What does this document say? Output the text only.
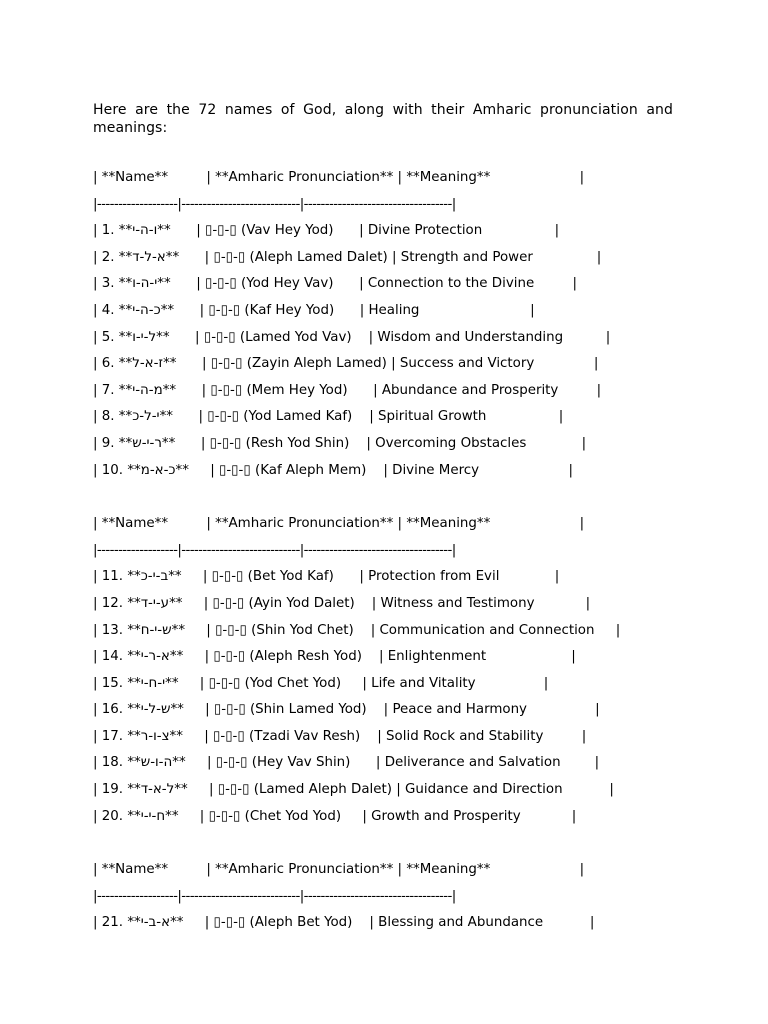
Here are the 72 names of God, along with their Amharic pronunciation and meanings:

| **Name**         | **Amharic Pronunciation** | **Meaning**                     |
|-------------------|----------------------------|-----------------------------------|
| 1. **ו-ה-י**      | ▯-▯-▯ (Vav Hey Yod)      | Divine Protection                 |
| 2. **א-ל-ד**      | ▯-▯-▯ (Aleph Lamed Dalet) | Strength and Power               |
| 3. **י-ה-ו**      | ▯-▯-▯ (Yod Hey Vav)      | Connection to the Divine         |
| 4. **כ-ה-י**      | ▯-▯-▯ (Kaf Hey Yod)      | Healing                          |
| 5. **ל-י-ו**      | ▯-▯-▯ (Lamed Yod Vav)    | Wisdom and Understanding          |
| 6. **ז-א-ל**      | ▯-▯-▯ (Zayin Aleph Lamed) | Success and Victory              |
| 7. **מ-ה-י**      | ▯-▯-▯ (Mem Hey Yod)      | Abundance and Prosperity         |
| 8. **י-ל-כ**      | ▯-▯-▯ (Yod Lamed Kaf)    | Spiritual Growth                 |
| 9. **ר-י-ש**      | ▯-▯-▯ (Resh Yod Shin)    | Overcoming Obstacles             |
| 10. **כ-א-מ**     | ▯-▯-▯ (Kaf Aleph Mem)    | Divine Mercy                     |
| **Name**         | **Amharic Pronunciation** | **Meaning**                     |
|-------------------|----------------------------|-----------------------------------|
| 11. **ב-י-כ**     | ▯-▯-▯ (Bet Yod Kaf)      | Protection from Evil             |
| 12. **ע-י-ד**     | ▯-▯-▯ (Ayin Yod Dalet)    | Witness and Testimony            |
| 13. **ש-י-ח**     | ▯-▯-▯ (Shin Yod Chet)    | Communication and Connection     |
| 14. **א-ר-י**     | ▯-▯-▯ (Aleph Resh Yod)    | Enlightenment                    |
| 15. **י-ח-י**     | ▯-▯-▯ (Yod Chet Yod)     | Life and Vitality                |
| 16. **ש-ל-י**     | ▯-▯-▯ (Shin Lamed Yod)    | Peace and Harmony                |
| 17. **צ-ו-ר**     | ▯-▯-▯ (Tzadi Vav Resh)    | Solid Rock and Stability         |
| 18. **ה-ו-ש**     | ▯-▯-▯ (Hey Vav Shin)      | Deliverance and Salvation        |
| 19. **ל-א-ד**     | ▯-▯-▯ (Lamed Aleph Dalet) | Guidance and Direction           |
| 20. **ח-י-י**     | ▯-▯-▯ (Chet Yod Yod)     | Growth and Prosperity            |
| **Name**         | **Amharic Pronunciation** | **Meaning**                     |
|-------------------|----------------------------|-----------------------------------|
| 21. **א-ב-י**     | ▯-▯-▯ (Aleph Bet Yod)    | Blessing and Abundance           |
